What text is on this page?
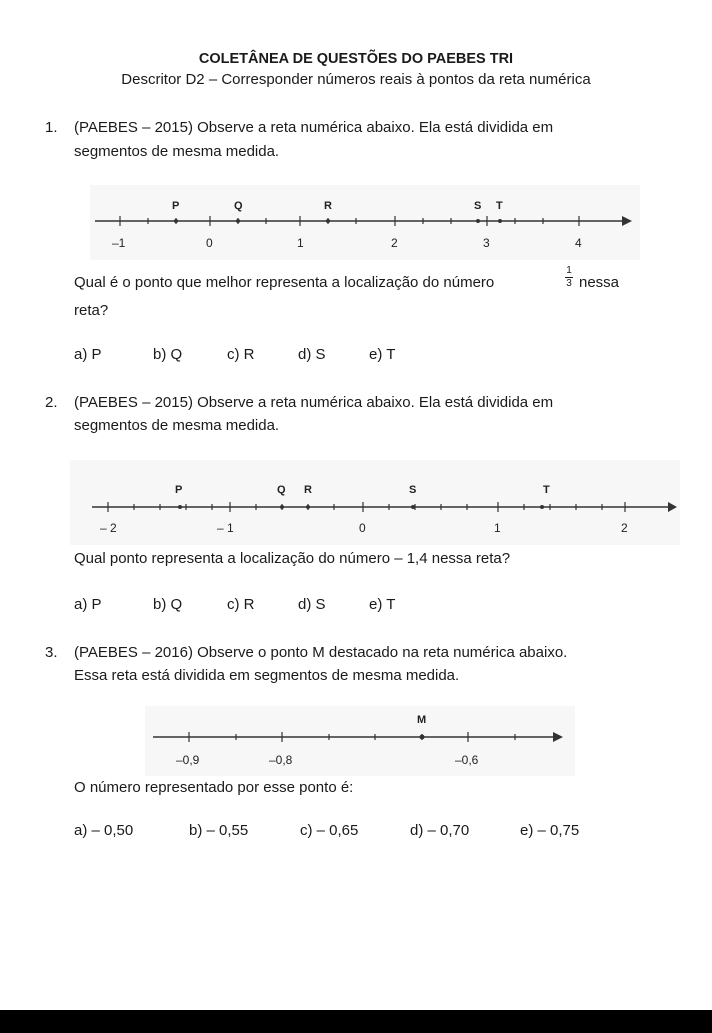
COLETÂNEA DE QUESTÕES DO PAEBES TRI
Descritor D2 – Corresponder números reais à pontos da reta numérica
1. (PAEBES – 2015) Observe a reta numérica abaixo. Ela está dividida em
segmentos de mesma medida.
P	Q	R	S T
–1	0	1	2	3	4
Qual é o ponto que melhor representa a localização do número
1
3 nessa
reta?
a) P	b) Q	c) R	d) S	e) T
2. (PAEBES – 2015) Observe a reta numérica abaixo. Ela está dividida em
segmentos de mesma medida.
P	Q R	S	T
– 2	– 1	0	1	2
Qual ponto representa a localização do número – 1,4 nessa reta?
a) P	b) Q	c) R	d) S	e) T
3. (PAEBES – 2016) Observe o ponto M destacado na reta numérica abaixo.
Essa reta está dividida em segmentos de mesma medida.
M
–0,9	–0,8	–0,6
O número representado por esse ponto é:
a) – 0,50	b) – 0,55	c) – 0,65	d) – 0,70	e) – 0,75
